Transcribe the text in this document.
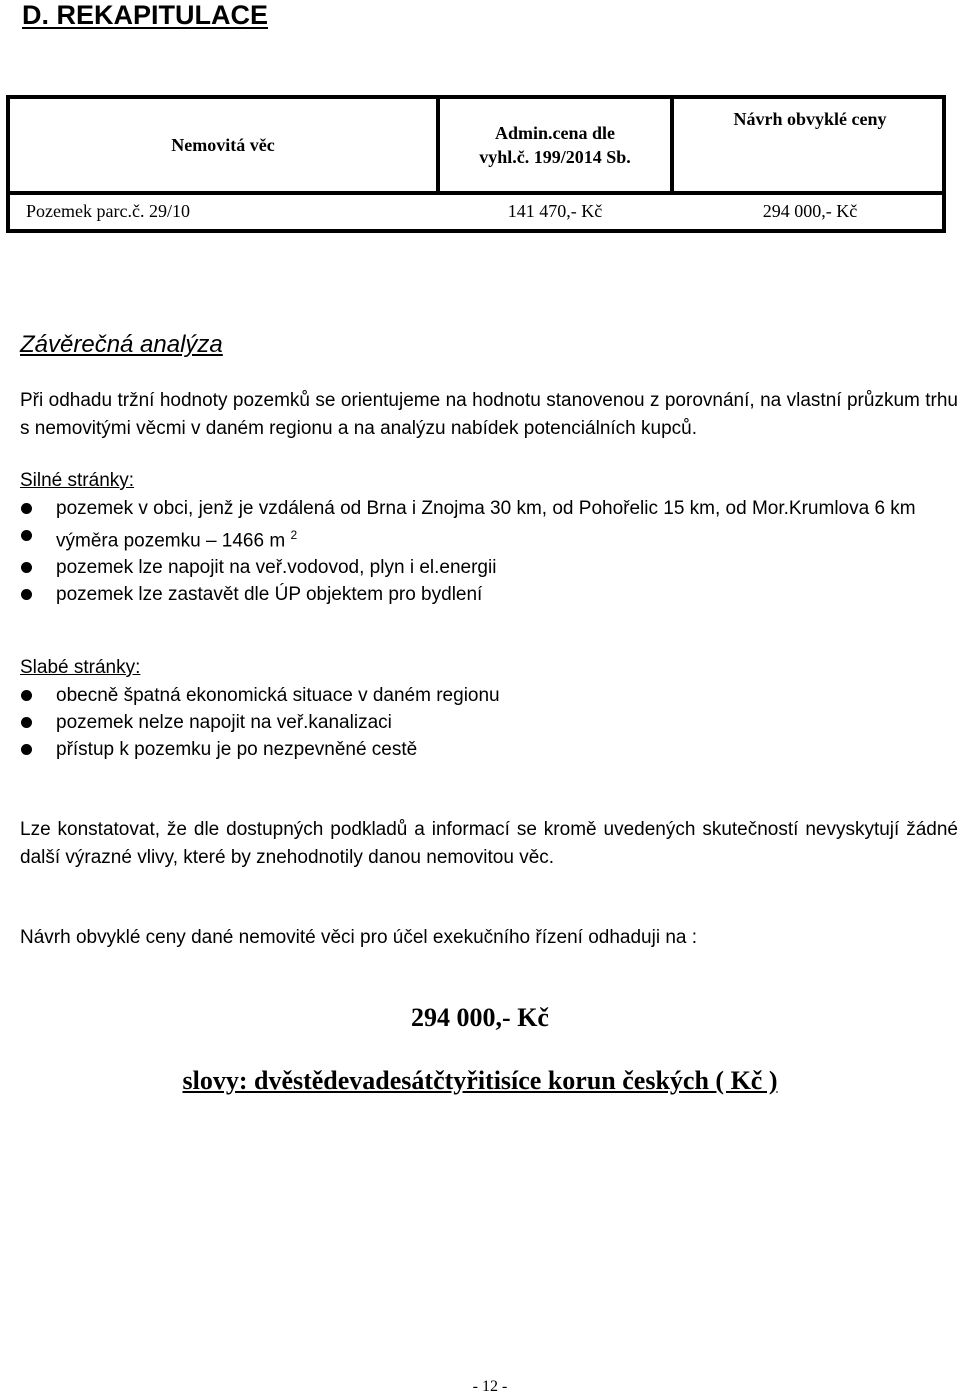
D. REKAPITULACE
Nemovitá věc
Admin.cena dle
vyhl.č. 199/2014 Sb.
Návrh obvyklé ceny
Pozemek parc.č. 29/10	141 470,- Kč	294 000,- Kč
Závěrečná analýza
Při odhadu tržní hodnoty pozemků se orientujeme na hodnotu stanovenou z porovnání, na vlastní průzkum trhu s nemovitými věcmi v daném regionu a na analýzu nabídek potenciálních kupců.
Silné stránky:
pozemek v obci, jenž je vzdálená od Brna i Znojma 30 km, od Pohořelic 15 km, od Mor.Krumlova 6 km
výměra pozemku – 1466 m $^2$
pozemek lze napojit na veř.vodovod, plyn i el.energii
pozemek lze zastavět dle ÚP objektem pro bydlení
Slabé stránky:
obecně špatná ekonomická situace v daném regionu
pozemek nelze napojit na veř.kanalizaci
přístup k pozemku je po nezpevněné cestě
Lze konstatovat, že dle dostupných podkladů a informací se kromě uvedených skutečností nevyskytují žádné další výrazné vlivy, které by znehodnotily danou nemovitou věc.
Návrh obvyklé ceny dané nemovité věci pro účel exekučního řízení odhaduji na :
294 000,- Kč
slovy: dvěstědevadesátčtyřitisíce korun českých ( Kč )
- 12 -
